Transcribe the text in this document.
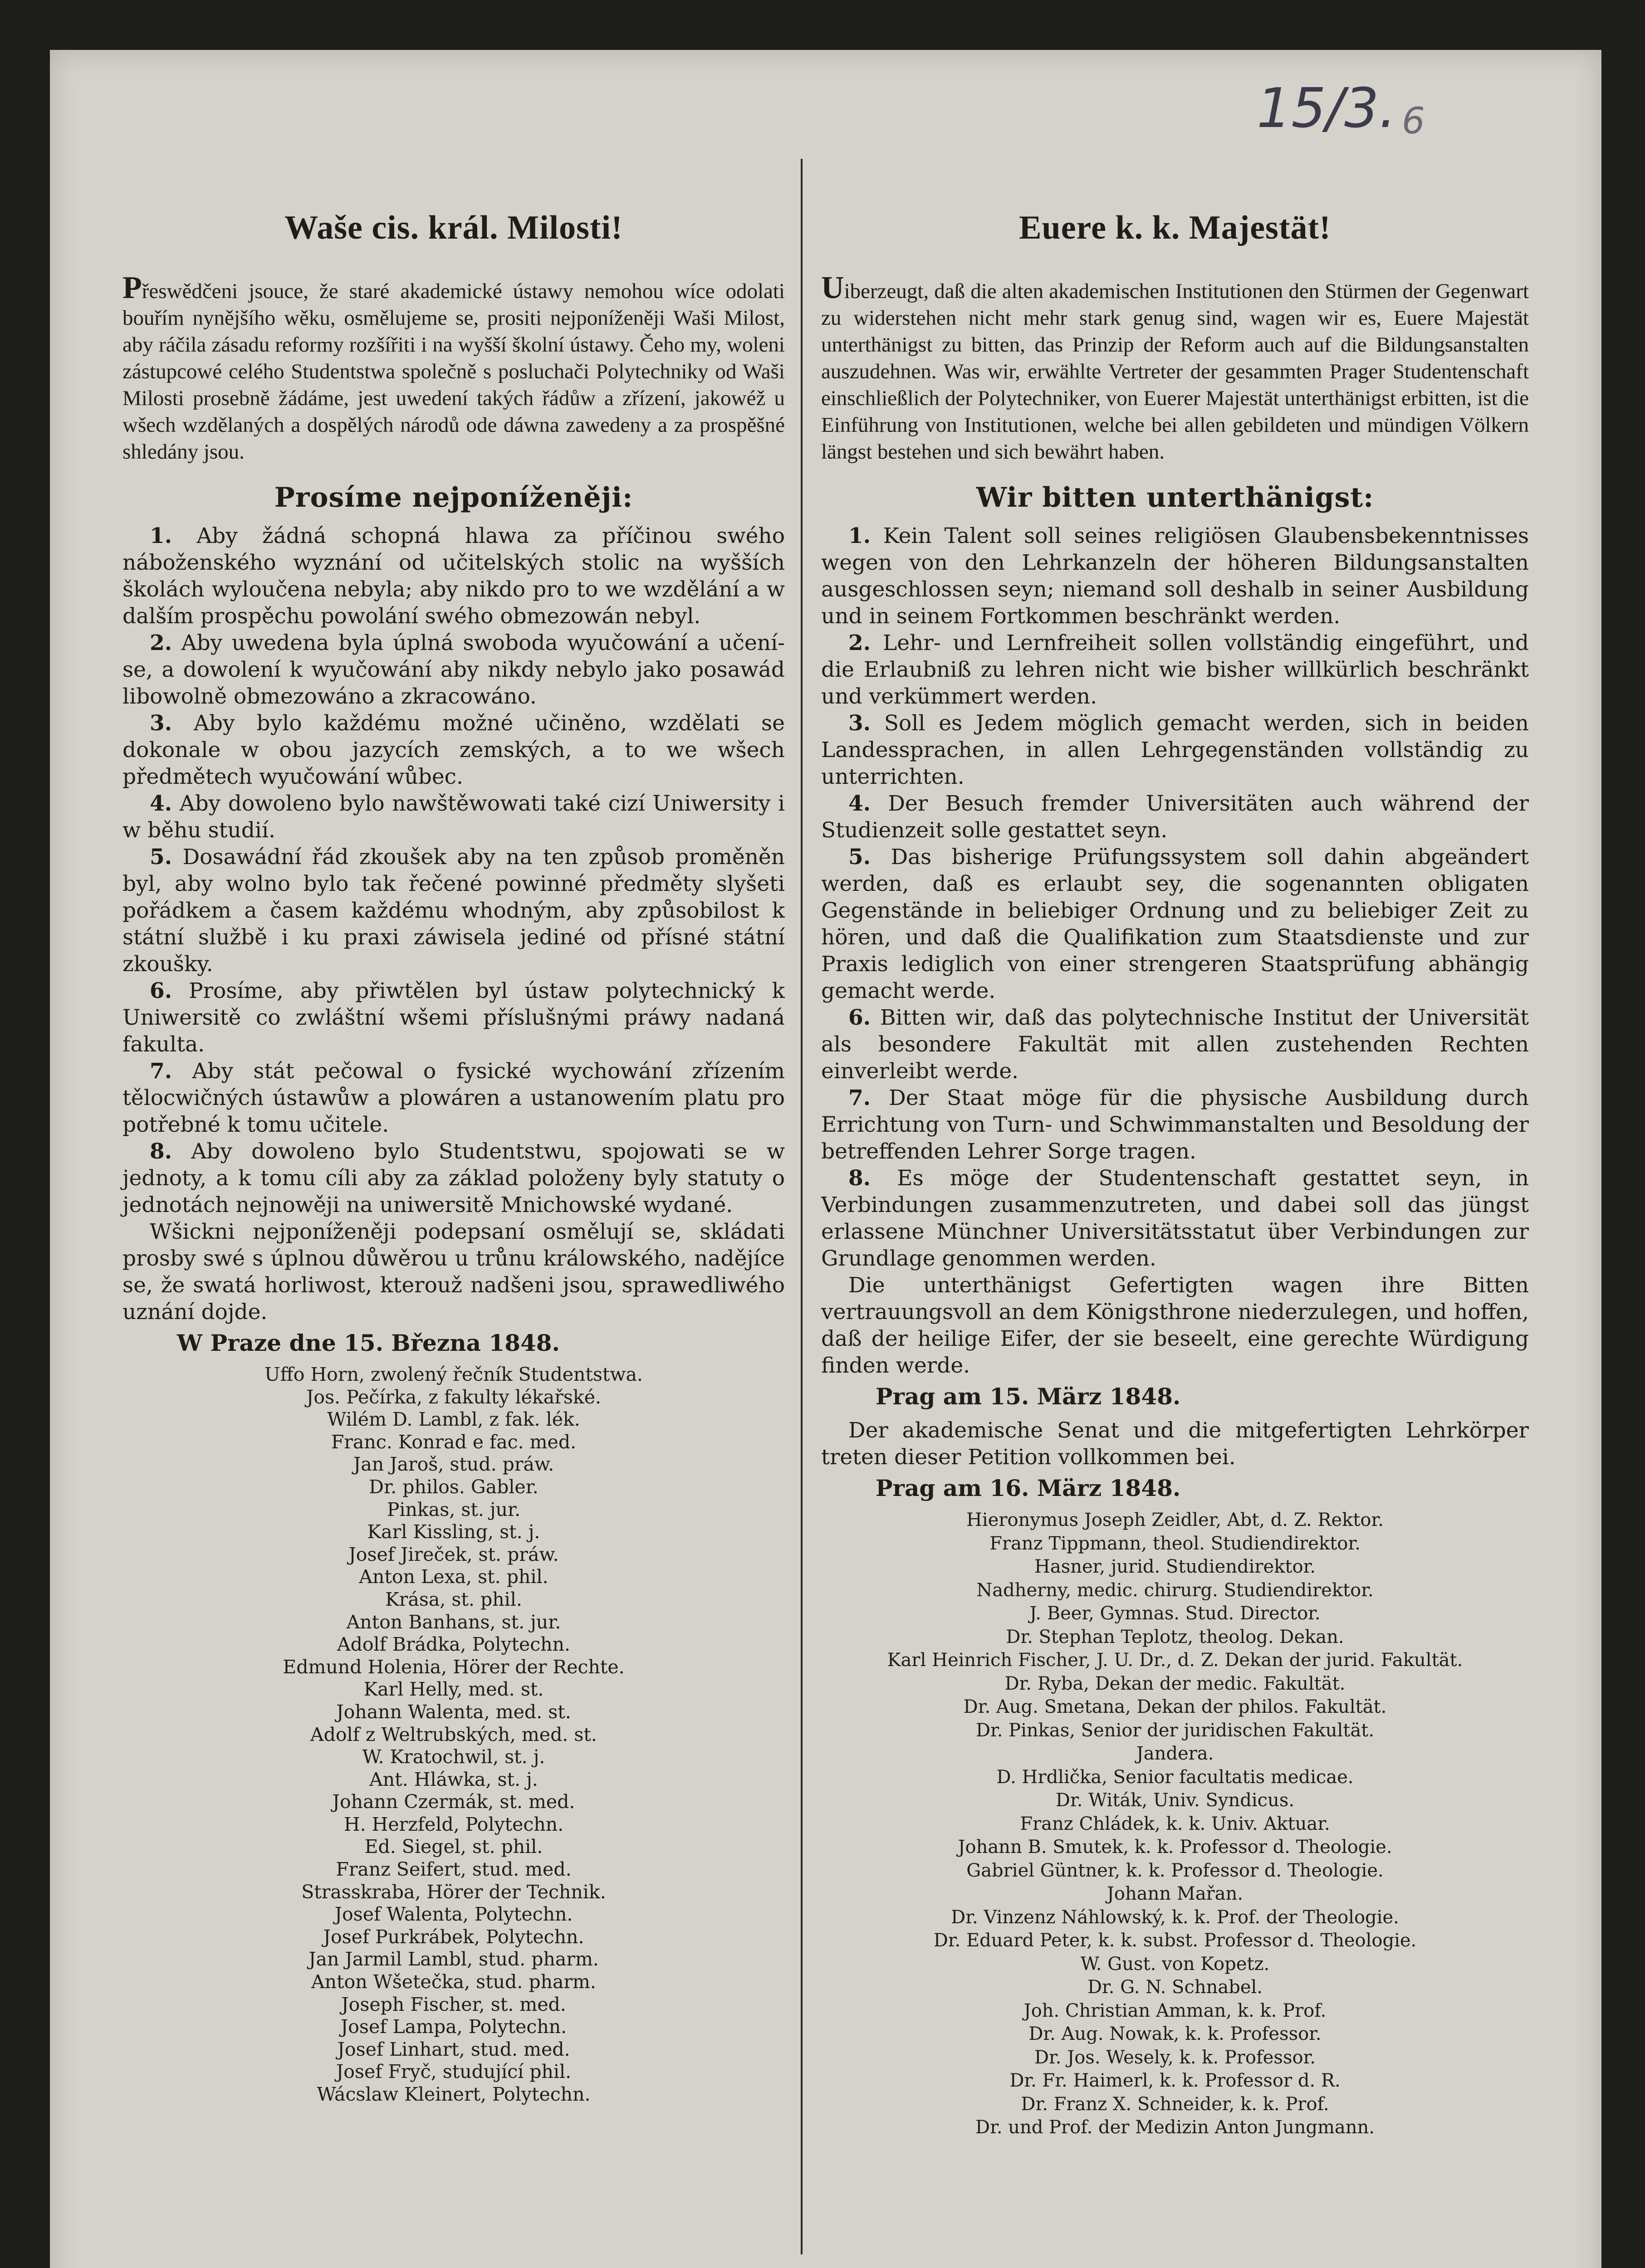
15/3. 6
Waše cis. král. Milosti!

Přeswědčeni jsouce, že staré akademické ústawy nemohou wíce odolati bouřím nynějšího wěku, osmělujeme se, prositi nejponíženěji Waši Milost, aby ráčila zásadu reformy rozšířiti i na wyšší školní ústawy. Čeho my, woleni zástupcowé celého Studentstwa společně s posluchači Polytechniky od Waši Milosti prosebně žádáme, jest uwedení takých řádůw a zřízení, jakowéž u wšech wzdělaných a dospělých národů ode dáwna zawedeny a za prospěšné shledány jsou.

Prosíme nejponíženěji:

1. Aby žádná schopná hlawa za příčinou swého náboženského wyznání od učitelských stolic na wyšších školách wyloučena nebyla; aby nikdo pro to we wzdělání a w dalším prospěchu powolání swého obmezowán nebyl.

2. Aby uwedena byla úplná swoboda wyučowání a učení-se, a dowolení k wyučowání aby nikdy nebylo jako posawád libowolně obmezowáno a zkracowáno.

3. Aby bylo každému možné učiněno, wzdělati se dokonale w obou jazycích zemských, a to we wšech předmětech wyučowání wůbec.

4. Aby dowoleno bylo nawštěwowati také cizí Uniwersity i w běhu studií.

5. Dosawádní řád zkoušek aby na ten způsob proměněn byl, aby wolno bylo tak řečené powinné předměty slyšeti pořádkem a časem každému whodným, aby způsobilost k státní službě i ku praxi záwisela jediné od přísné státní zkoušky.

6. Prosíme, aby přiwtělen byl ústaw polytechnický k Uniwersitě co zwláštní wšemi příslušnými práwy nadaná fakulta.

7. Aby stát pečowal o fysické wychowání zřízením tělocwičných ústawůw a plowáren a ustanowením platu pro potřebné k tomu učitele.

8. Aby dowoleno bylo Studentstwu, spojowati se w jednoty, a k tomu cíli aby za základ položeny byly statuty o jednotách nejnowěji na uniwersitě Mnichowské wydané.

Wšickni nejponíženěji podepsaní osmělují se, skládati prosby swé s úplnou důwěrou u trůnu králowského, nadějíce se, že swatá horliwost, kterouž nadšeni jsou, sprawedliwého uznání dojde.

W Praze dne 15. Března 1848.
Uffo Horn, zwolený řečník Studentstwa.
Jos. Pečírka, z fakulty lékařské.
Wilém D. Lambl, z fak. lék.
Franc. Konrad e fac. med.
Jan Jaroš, stud. práw.
Dr. philos. Gabler.
Pinkas, st. jur.
Karl Kissling, st. j.
Josef Jireček, st. práw.
Anton Lexa, st. phil.
Krása, st. phil.
Anton Banhans, st. jur.
Adolf Brádka, Polytechn.
Edmund Holenia, Hörer der Rechte.
Karl Helly, med. st.
Johann Walenta, med. st.
Adolf z Weltrubských, med. st.
W. Kratochwil, st. j.
Ant. Hláwka, st. j.
Johann Czermák, st. med.
H. Herzfeld, Polytechn.
Ed. Siegel, st. phil.
Franz Seifert, stud. med.
Strasskraba, Hörer der Technik.
Josef Walenta, Polytechn.
Josef Purkrábek, Polytechn.
Jan Jarmil Lambl, stud. pharm.
Anton Wšetečka, stud. pharm.
Joseph Fischer, st. med.
Josef Lampa, Polytechn.
Josef Linhart, stud. med.
Josef Fryč, studující phil.
Wácslaw Kleinert, Polytechn.
Euere k. k. Majestät!

Uiberzeugt, daß die alten akademischen Institutionen den Stürmen der Gegenwart zu widerstehen nicht mehr stark genug sind, wagen wir es, Euere Majestät unterthänigst zu bitten, das Prinzip der Reform auch auf die Bildungsanstalten auszudehnen. Was wir, erwählte Vertreter der gesammten Prager Studentenschaft einschließlich der Polytechniker, von Euerer Majestät unterthänigst erbitten, ist die Einführung von Institutionen, welche bei allen gebildeten und mündigen Völkern längst bestehen und sich bewährt haben.

Wir bitten unterthänigst:

1. Kein Talent soll seines religiösen Glaubensbekenntnisses wegen von den Lehrkanzeln der höheren Bildungsanstalten ausgeschlossen seyn; niemand soll deshalb in seiner Ausbildung und in seinem Fortkommen beschränkt werden.

2. Lehr- und Lernfreiheit sollen vollständig eingeführt, und die Erlaubniß zu lehren nicht wie bisher willkürlich beschränkt und verkümmert werden.

3. Soll es Jedem möglich gemacht werden, sich in beiden Landessprachen, in allen Lehrgegenständen vollständig zu unterrichten.

4. Der Besuch fremder Universitäten auch während der Studienzeit solle gestattet seyn.

5. Das bisherige Prüfungssystem soll dahin abgeändert werden, daß es erlaubt sey, die sogenannten obligaten Gegenstände in beliebiger Ordnung und zu beliebiger Zeit zu hören, und daß die Qualifikation zum Staatsdienste und zur Praxis lediglich von einer strengeren Staatsprüfung abhängig gemacht werde.

6. Bitten wir, daß das polytechnische Institut der Universität als besondere Fakultät mit allen zustehenden Rechten einverleibt werde.

7. Der Staat möge für die physische Ausbildung durch Errichtung von Turn- und Schwimmanstalten und Besoldung der betreffenden Lehrer Sorge tragen.

8. Es möge der Studentenschaft gestattet seyn, in Verbindungen zusammenzutreten, und dabei soll das jüngst erlassene Münchner Universitätsstatut über Verbindungen zur Grundlage genommen werden.

Die unterthänigst Gefertigten wagen ihre Bitten vertrauungsvoll an dem Königsthrone niederzulegen, und hoffen, daß der heilige Eifer, der sie beseelt, eine gerechte Würdigung finden werde.

Prag am 15. März 1848.

Der akademische Senat und die mitgefertigten Lehrkörper treten dieser Petition vollkommen bei.

Prag am 16. März 1848.
Hieronymus Joseph Zeidler, Abt, d. Z. Rektor.
Franz Tippmann, theol. Studiendirektor.
Hasner, jurid. Studiendirektor.
Nadherny, medic. chirurg. Studiendirektor.
J. Beer, Gymnas. Stud. Director.
Dr. Stephan Teplotz, theolog. Dekan.
Karl Heinrich Fischer, J. U. Dr., d. Z. Dekan der jurid. Fakultät.
Dr. Ryba, Dekan der medic. Fakultät.
Dr. Aug. Smetana, Dekan der philos. Fakultät.
Dr. Pinkas, Senior der juridischen Fakultät.
Jandera.
D. Hrdlička, Senior facultatis medicae.
Dr. Witák, Univ. Syndicus.
Franz Chládek, k. k. Univ. Aktuar.
Johann B. Smutek, k. k. Professor d. Theologie.
Gabriel Güntner, k. k. Professor d. Theologie.
Johann Mařan.
Dr. Vinzenz Náhlowský, k. k. Prof. der Theologie.
Dr. Eduard Peter, k. k. subst. Professor d. Theologie.
W. Gust. von Kopetz.
Dr. G. N. Schnabel.
Joh. Christian Amman, k. k. Prof.
Dr. Aug. Nowak, k. k. Professor.
Dr. Jos. Wesely, k. k. Professor.
Dr. Fr. Haimerl, k. k. Professor d. R.
Dr. Franz X. Schneider, k. k. Prof.
Dr. und Prof. der Medizin Anton Jungmann.
